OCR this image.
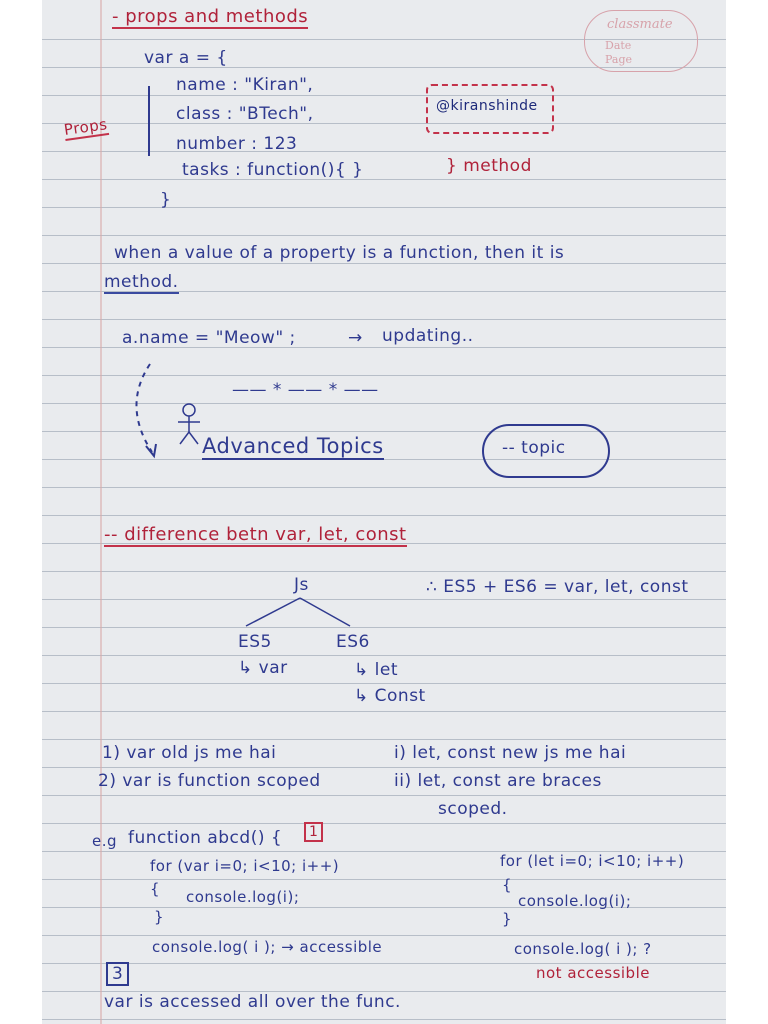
classmate
Date
Page
- props and methods
var a = {
name : "Kiran",
class : "BTech",
number : 123
tasks : function(){ }
}
Props
} method
@kiranshinde
when a value of a property is a function, then it is
method.
a.name = "Meow" ;	→ updating..
—— * —— * ——
Advanced Topics	-- topic
-- difference betn var, let, const
Js
ES5	ES6
↳ var	↳ let
↳ Const
∴ ES5 + ES6 = var, let, const
1) var old js me hai
2) var is function scoped
i) let, const new js me hai
ii) let, const are braces
scoped.
e.g function abcd() {	1
for (var i=0; i<10; i++)
{ console.log(i);
}
console.log( i ); → accessible
for (let i=0; i<10; i++)
{
console.log(i);
}
console.log( i ); ?
not accessible
3
var is accessed all over the func.
